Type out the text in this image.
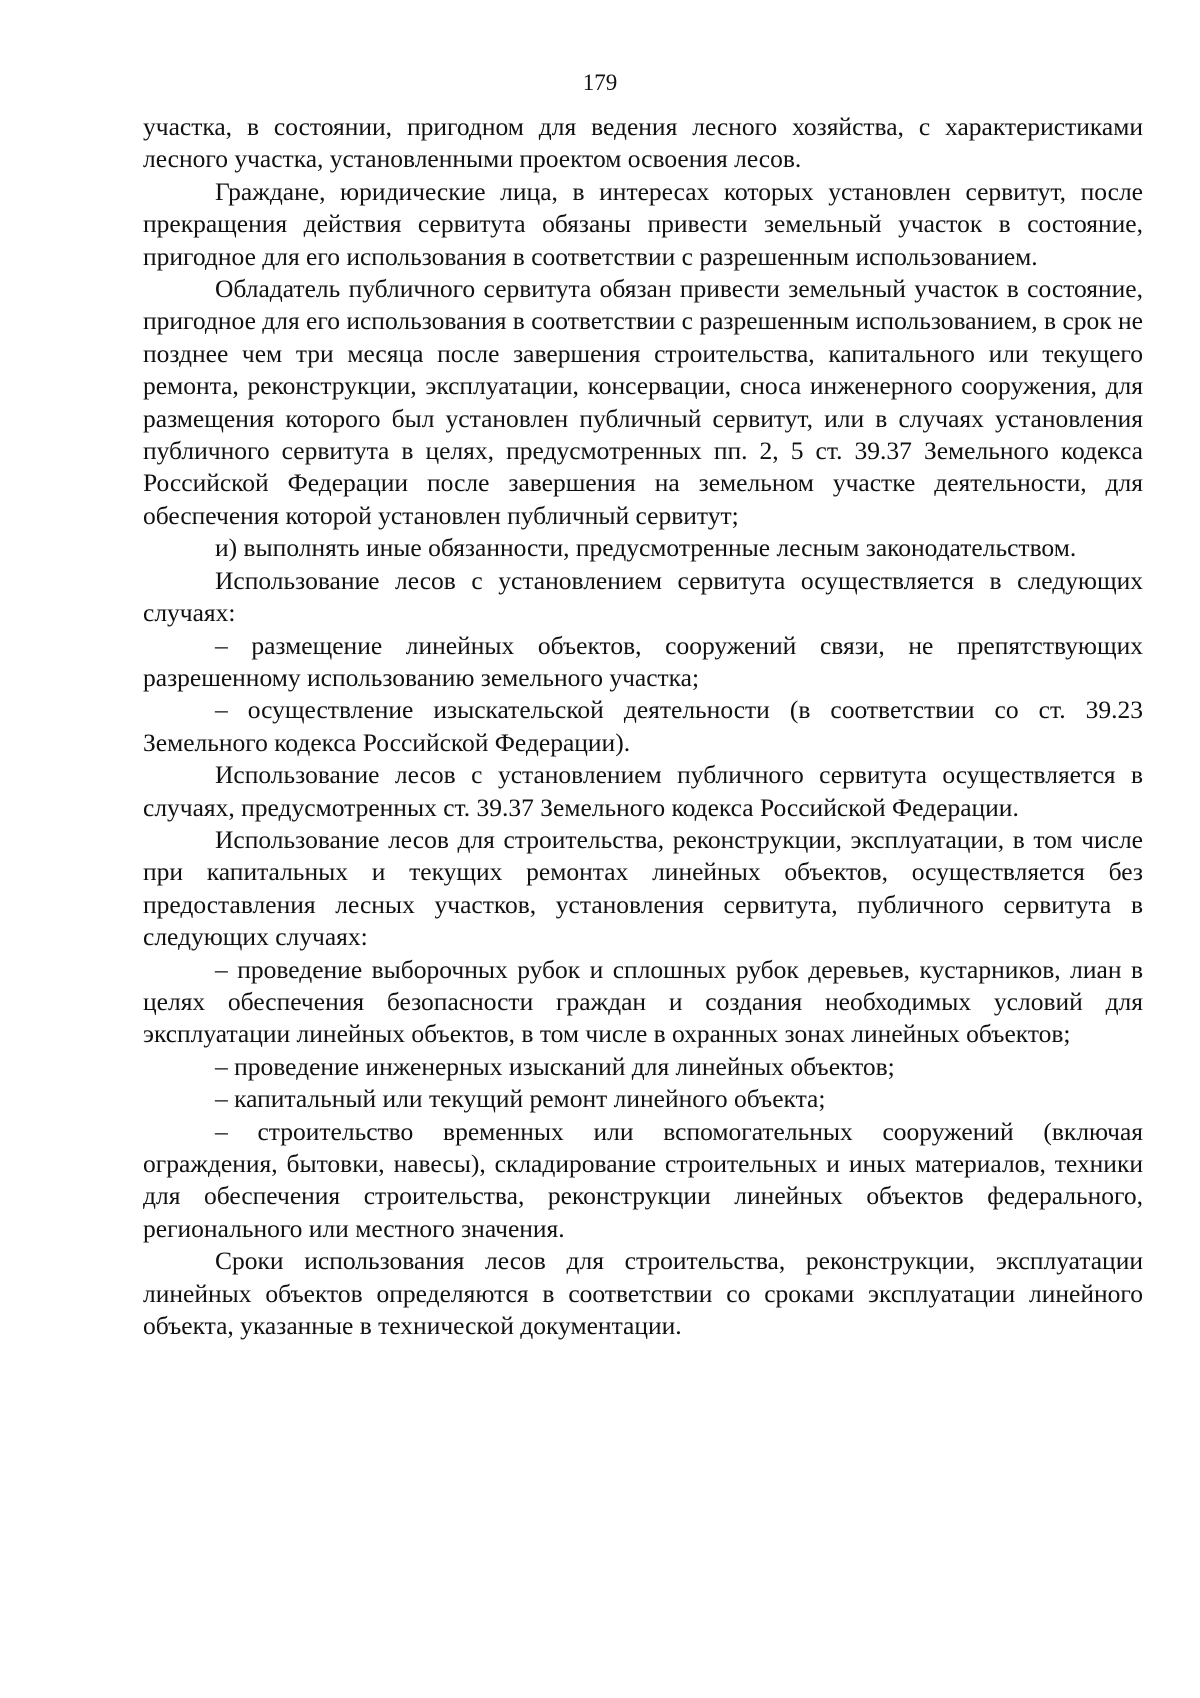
179

участка, в состоянии, пригодном для ведения лесного хозяйства, с характеристиками лесного участка, установленными проектом освоения лесов.

Граждане, юридические лица, в интересах которых установлен сервитут, после прекращения действия сервитута обязаны привести земельный участок в состояние, пригодное для его использования в соответствии с разрешенным использованием.

Обладатель публичного сервитута обязан привести земельный участок в состояние, пригодное для его использования в соответствии с разрешенным использованием, в срок не позднее чем три месяца после завершения строительства, капитального или текущего ремонта, реконструкции, эксплуатации, консервации, сноса инженерного сооружения, для размещения которого был установлен публичный сервитут, или в случаях установления публичного сервитута в целях, предусмотренных пп. 2, 5 ст. 39.37 Земельного кодекса Российской Федерации после завершения на земельном участке деятельности, для обеспечения которой установлен публичный сервитут;

и) выполнять иные обязанности, предусмотренные лесным законодательством.

Использование лесов с установлением сервитута осуществляется в следующих случаях:

– размещение линейных объектов, сооружений связи, не препятствующих разрешенному использованию земельного участка;

– осуществление изыскательской деятельности (в соответствии со ст. 39.23 Земельного кодекса Российской Федерации).

Использование лесов с установлением публичного сервитута осуществляется в случаях, предусмотренных ст. 39.37 Земельного кодекса Российской Федерации.

Использование лесов для строительства, реконструкции, эксплуатации, в том числе при капитальных и текущих ремонтах линейных объектов, осуществляется без предоставления лесных участков, установления сервитута, публичного сервитута в следующих случаях:

– проведение выборочных рубок и сплошных рубок деревьев, кустарников, лиан в целях обеспечения безопасности граждан и создания необходимых условий для эксплуатации линейных объектов, в том числе в охранных зонах линейных объектов;

– проведение инженерных изысканий для линейных объектов;

– капитальный или текущий ремонт линейного объекта;

– строительство временных или вспомогательных сооружений (включая ограждения, бытовки, навесы), складирование строительных и иных материалов, техники для обеспечения строительства, реконструкции линейных объектов федерального, регионального или местного значения.

Сроки использования лесов для строительства, реконструкции, эксплуатации линейных объектов определяются в соответствии со сроками эксплуатации линейного объекта, указанные в технической документации.
